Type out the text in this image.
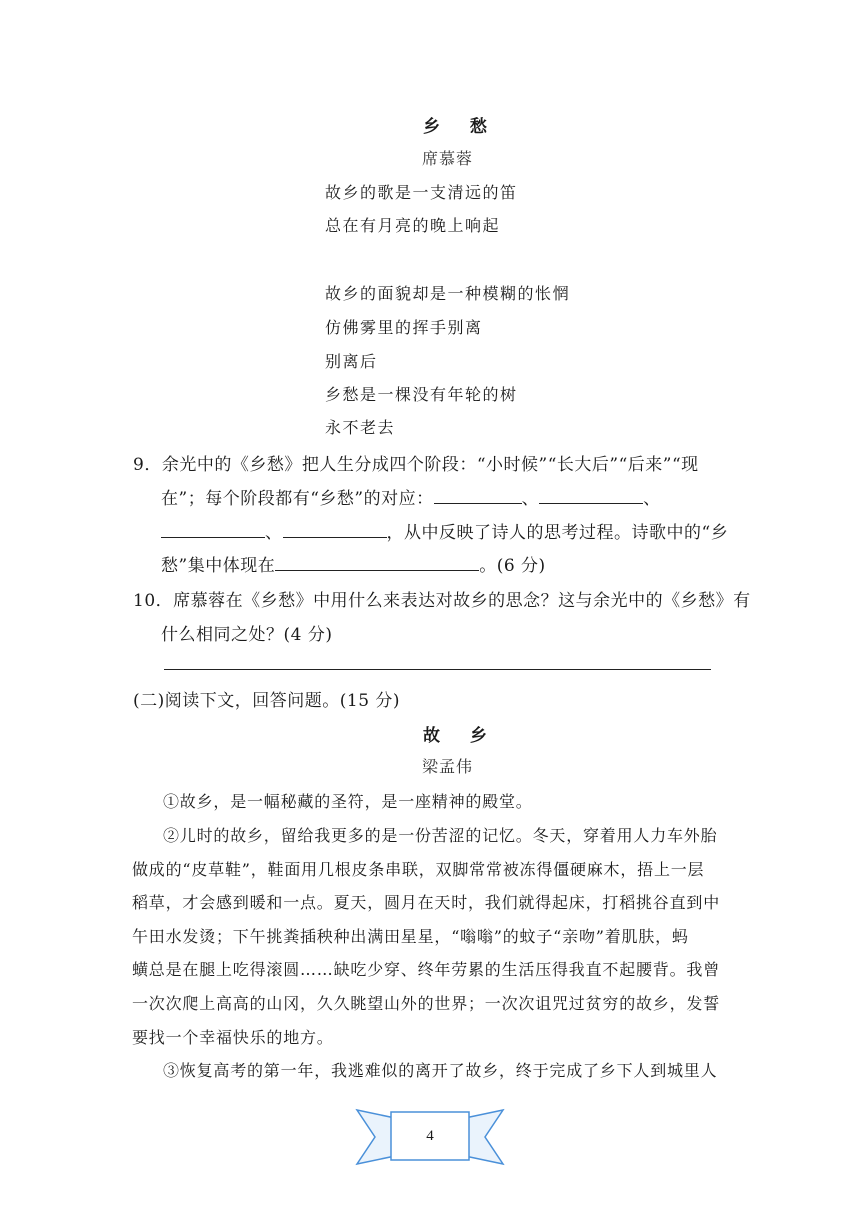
乡 愁
席慕蓉
故乡的歌是一支清远的笛
总在有月亮的晚上响起
故乡的面貌却是一种模糊的怅惘
仿佛雾里的挥手别离
别离后
乡愁是一棵没有年轮的树
永不老去
9．余光中的《乡愁》把人生分成四个阶段：“小时候”“长大后”“后来”“现
在”；每个阶段都有“乡愁”的对应：	、	、
、	，从中反映了诗人的思考过程。诗歌中的“乡
愁”集中体现在	。(6 分)
10．席慕蓉在《乡愁》中用什么来表达对故乡的思念？这与余光中的《乡愁》有
什么相同之处？(4 分)
(二)阅读下文，回答问题。(15 分)
故 乡
梁孟伟
①故乡，是一幅秘藏的圣符，是一座精神的殿堂。
②儿时的故乡，留给我更多的是一份苦涩的记忆。冬天，穿着用人力车外胎
做成的“皮草鞋”，鞋面用几根皮条串联，双脚常常被冻得僵硬麻木，捂上一层
稻草，才会感到暖和一点。夏天，圆月在天时，我们就得起床，打稻挑谷直到中
午田水发烫；下午挑粪插秧种出满田星星，“嗡嗡”的蚊子“亲吻”着肌肤，蚂
蟥总是在腿上吃得滚圆……缺吃少穿、终年劳累的生活压得我直不起腰背。我曾
一次次爬上高高的山冈，久久眺望山外的世界；一次次诅咒过贫穷的故乡，发誓
要找一个幸福快乐的地方。
③恢复高考的第一年，我逃难似的离开了故乡，终于完成了乡下人到城里人
4
